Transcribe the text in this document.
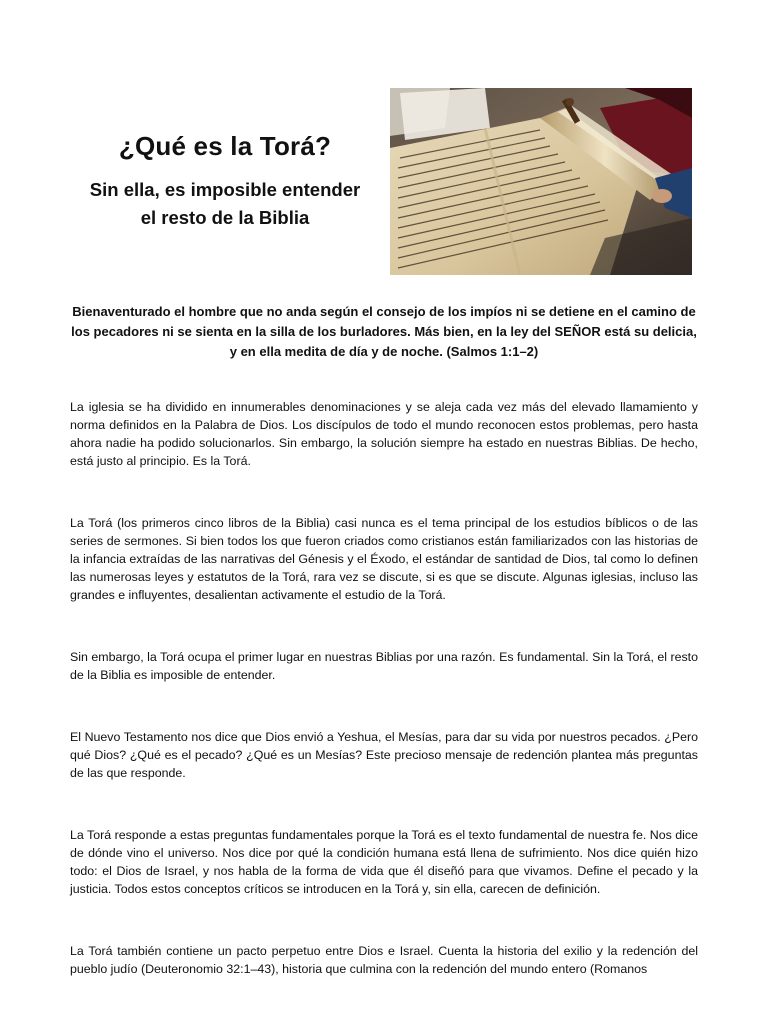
¿Qué es la Torá?
Sin ella, es imposible entender
el resto de la Biblia
Bienaventurado el hombre que no anda según el consejo de los impíos ni se detiene en el camino de los pecadores ni se sienta en la silla de los burladores. Más bien, en la ley del SEÑOR está su delicia, y en ella medita de día y de noche. (Salmos 1:1–2)

La iglesia se ha dividido en innumerables denominaciones y se aleja cada vez más del elevado llamamiento y norma definidos en la Palabra de Dios. Los discípulos de todo el mundo reconocen estos problemas, pero hasta ahora nadie ha podido solucionarlos. Sin embargo, la solución siempre ha estado en nuestras Biblias. De hecho, está justo al principio. Es la Torá.

La Torá (los primeros cinco libros de la Biblia) casi nunca es el tema principal de los estudios bíblicos o de las series de sermones. Si bien todos los que fueron criados como cristianos están familiarizados con las historias de la infancia extraídas de las narrativas del Génesis y el Éxodo, el estándar de santidad de Dios, tal como lo definen las numerosas leyes y estatutos de la Torá, rara vez se discute, si es que se discute. Algunas iglesias, incluso las grandes e influyentes, desalientan activamente el estudio de la Torá.

Sin embargo, la Torá ocupa el primer lugar en nuestras Biblias por una razón. Es fundamental. Sin la Torá, el resto de la Biblia es imposible de entender.

El Nuevo Testamento nos dice que Dios envió a Yeshua, el Mesías, para dar su vida por nuestros pecados. ¿Pero qué Dios? ¿Qué es el pecado? ¿Qué es un Mesías? Este precioso mensaje de redención plantea más preguntas de las que responde.

La Torá responde a estas preguntas fundamentales porque la Torá es el texto fundamental de nuestra fe. Nos dice de dónde vino el universo. Nos dice por qué la condición humana está llena de sufrimiento. Nos dice quién hizo todo: el Dios de Israel, y nos habla de la forma de vida que él diseñó para que vivamos. Define el pecado y la justicia. Todos estos conceptos críticos se introducen en la Torá y, sin ella, carecen de definición.

La Torá también contiene un pacto perpetuo entre Dios e Israel. Cuenta la historia del exilio y la redención del pueblo judío (Deuteronomio 32:1–43), historia que culmina con la redención del mundo entero (Romanos
